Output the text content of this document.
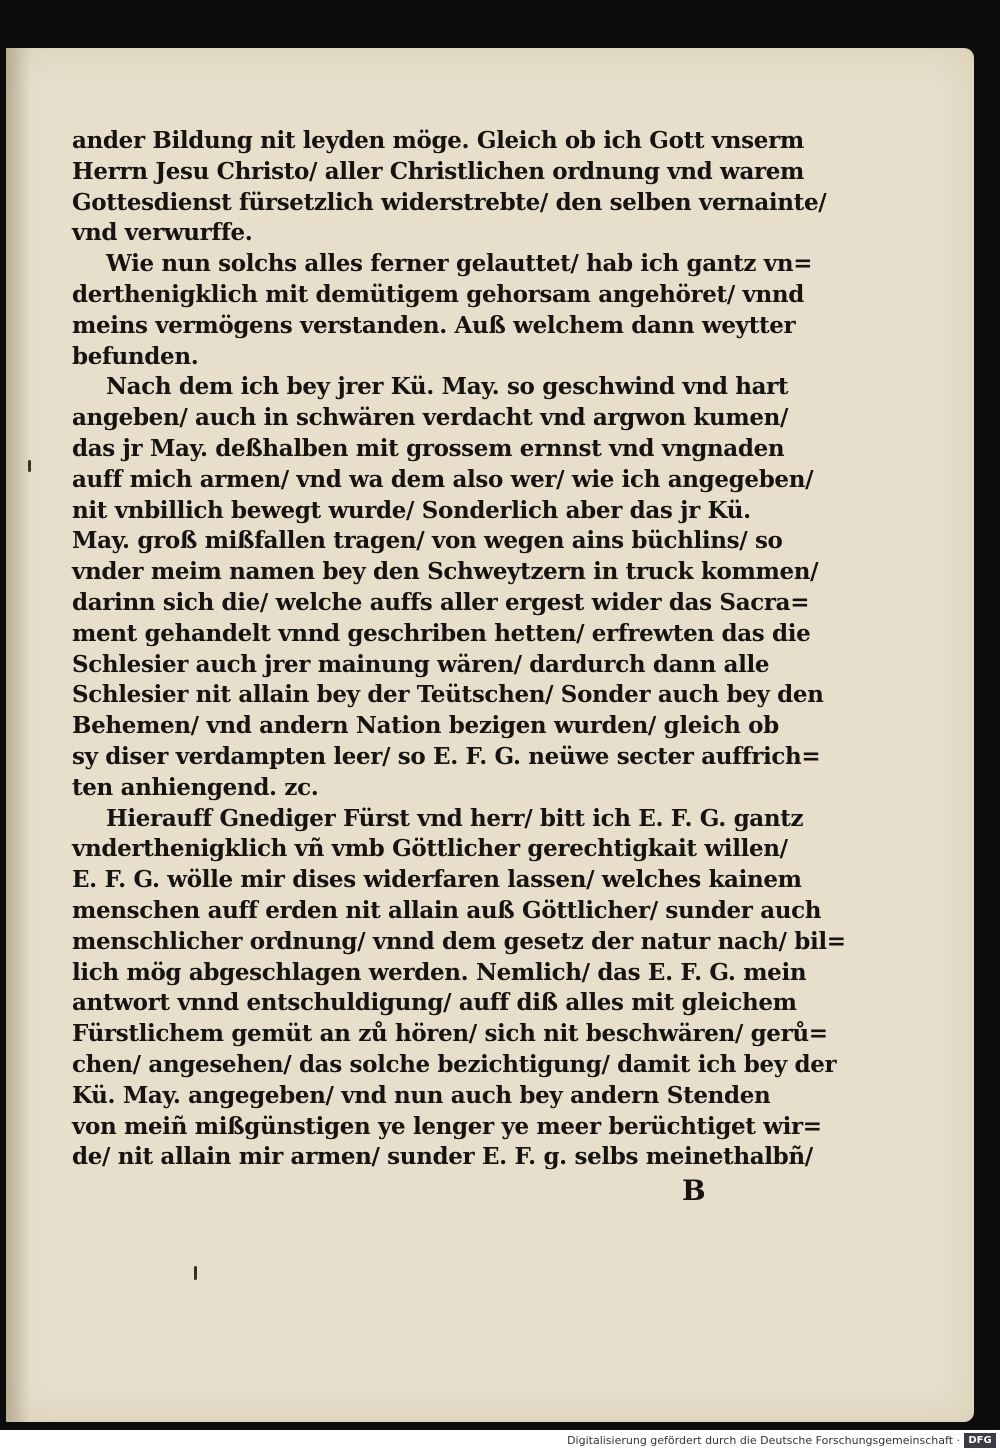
ander Bildung nit leyden möge. Gleich ob ich Gott vnserm
Herrn Jesu Christo/ aller Christlichen ordnung vnd warem
Gottesdienst fürsetzlich widerstrebte/ den selben vernainte/
vnd verwurffe.
Wie nun solchs alles ferner gelauttet/ hab ich gantz vn=
derthenigklich mit demütigem gehorsam angehöret/ vnnd
meins vermögens verstanden. Auß welchem dann weytter
befunden.
Nach dem ich bey jrer Kü. May. so geschwind vnd hart
angeben/ auch in schwären verdacht vnd argwon kumen/
das jr May. deßhalben mit grossem ernnst vnd vngnaden
auff mich armen/ vnd wa dem also wer/ wie ich angegeben/
nit vnbillich bewegt wurde/ Sonderlich aber das jr Kü.
May. groß mißfallen tragen/ von wegen ains büchlins/ so
vnder meim namen bey den Schweytzern in truck kommen/
darinn sich die/ welche auffs aller ergest wider das Sacra=
ment gehandelt vnnd geschriben hetten/ erfrewten das die
Schlesier auch jrer mainung wären/ dardurch dann alle
Schlesier nit allain bey der Teütschen/ Sonder auch bey den
Behemen/ vnd andern Nation bezigen wurden/ gleich ob
sy diser verdampten leer/ so E. F. G. neüwe secter auffrich=
ten anhiengend. zc.
Hierauff Gnediger Fürst vnd herr/ bitt ich E. F. G. gantz
vnderthenigklich vñ vmb Göttlicher gerechtigkait willen/
E. F. G. wölle mir dises widerfaren lassen/ welches kainem
menschen auff erden nit allain auß Göttlicher/ sunder auch
menschlicher ordnung/ vnnd dem gesetz der natur nach/ bil=
lich mög abgeschlagen werden. Nemlich/ das E. F. G. mein
antwort vnnd entschuldigung/ auff diß alles mit gleichem
Fürstlichem gemüt an zů hören/ sich nit beschwären/ gerů=
chen/ angesehen/ das solche bezichtigung/ damit ich bey der
Kü. May. angegeben/ vnd nun auch bey andern Stenden
von meiñ mißgünstigen ye lenger ye meer berüchtiget wir=
de/ nit allain mir armen/ sunder E. F. g. selbs meinethalbñ/
B
Digitalisierung gefördert durch die Deutsche Forschungsgemeinschaft · DFG
